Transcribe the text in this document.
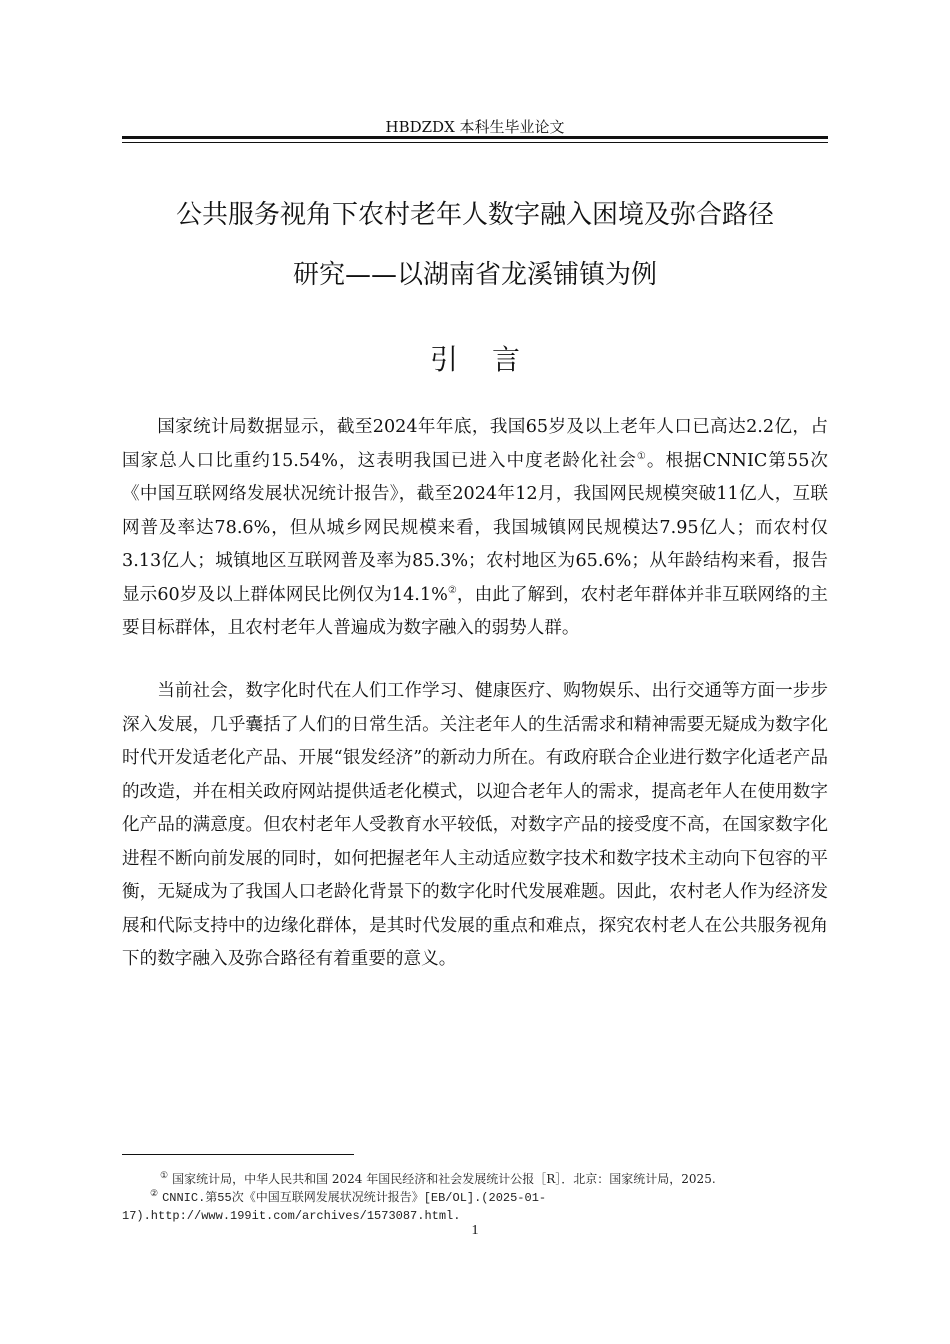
HBDZDX 本科生毕业论文
公共服务视角下农村老年人数字融入困境及弥合路径
研究——以湖南省龙溪铺镇为例
引言

国家统计局数据显示，截至2024年年底，我国65岁及以上老年人口已高达2.2亿，占国家总人口比重约15.54%，这表明我国已进入中度老龄化社会①。根据CNNIC第55次《中国互联网络发展状况统计报告》，截至2024年12月，我国网民规模突破11亿人，互联网普及率达78.6%，但从城乡网民规模来看，我国城镇网民规模达7.95亿人；而农村仅3.13亿人；城镇地区互联网普及率为85.3%；农村地区为65.6%；从年龄结构来看，报告显示60岁及以上群体网民比例仅为14.1%②，由此了解到，农村老年群体并非互联网络的主要目标群体，且农村老年人普遍成为数字融入的弱势人群。

当前社会，数字化时代在人们工作学习、健康医疗、购物娱乐、出行交通等方面一步步深入发展，几乎囊括了人们的日常生活。关注老年人的生活需求和精神需要无疑成为数字化时代开发适老化产品、开展“银发经济”的新动力所在。有政府联合企业进行数字化适老产品的改造，并在相关政府网站提供适老化模式，以迎合老年人的需求，提高老年人在使用数字化产品的满意度。但农村老年人受教育水平较低，对数字产品的接受度不高，在国家数字化进程不断向前发展的同时，如何把握老年人主动适应数字技术和数字技术主动向下包容的平衡，无疑成为了我国人口老龄化背景下的数字化时代发展难题。因此，农村老人作为经济发展和代际支持中的边缘化群体，是其时代发展的重点和难点，探究农村老人在公共服务视角下的数字融入及弥合路径有着重要的意义。

① 国家统计局，中华人民共和国 2024 年国民经济和社会发展统计公报［R］．北京：国家统计局，2025.
② CNNIC.第55次《中国互联网发展状况统计报告》[EB/OL].(2025-01-17).http://www.199it.com/archives/1573087.html.
1
